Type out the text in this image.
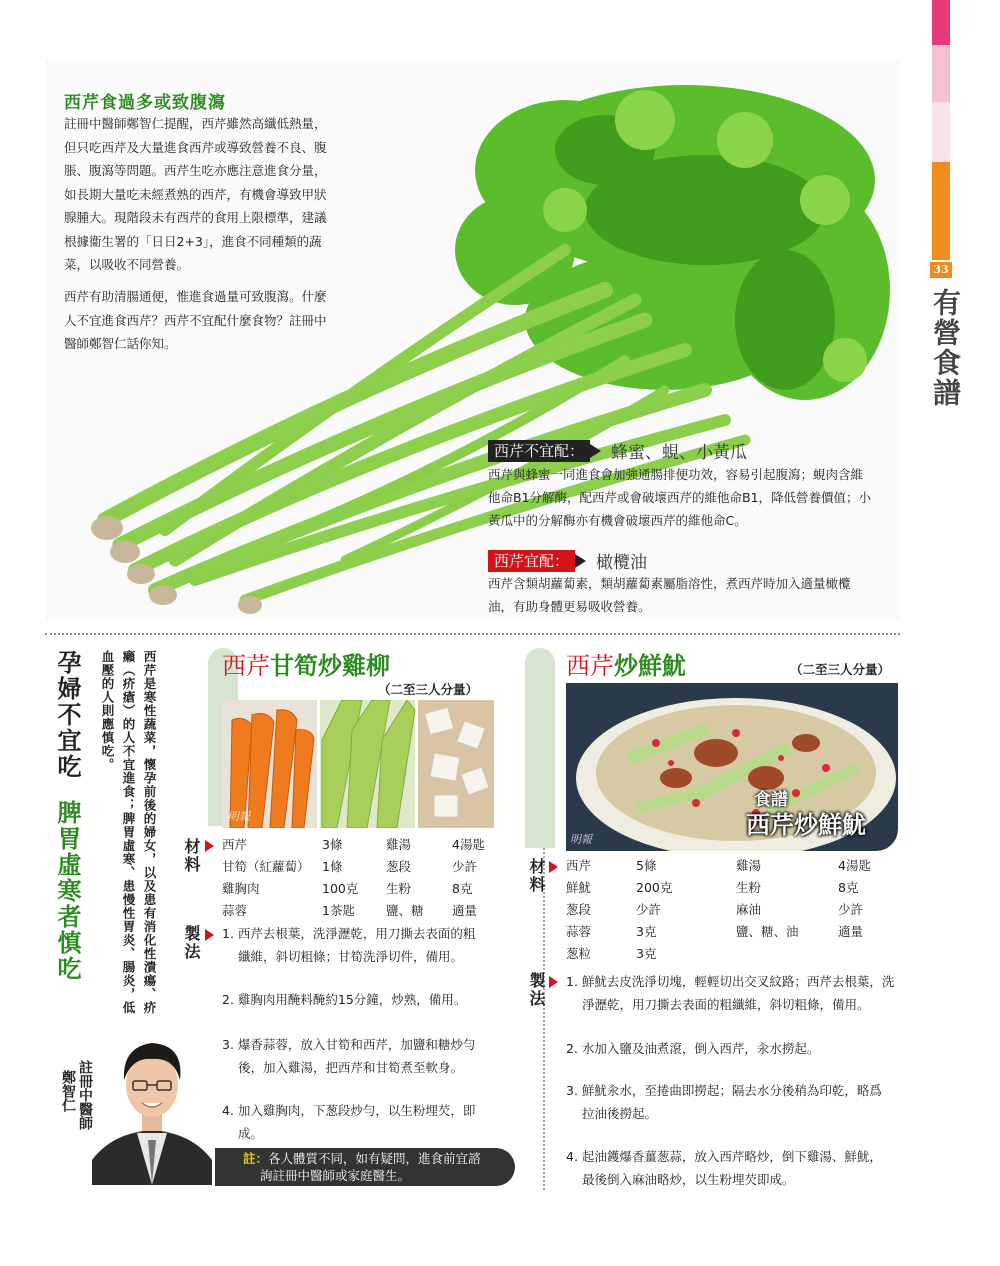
33
有營食譜
西芹食過多或致腹瀉
註冊中醫師鄭智仁提醒，西芹雖然高纖低熱量，
但只吃西芹及大量進食西芹或導致營養不良、腹
脹、腹瀉等問題。西芹生吃亦應注意進食分量，
如長期大量吃未經煮熟的西芹，有機會導致甲狀
腺腫大。現階段未有西芹的食用上限標準，建議
根據衞生署的「日日2+3」，進食不同種類的蔬
菜，以吸收不同營養。
西芹有助清腸通便，惟進食過量可致腹瀉。什麼
人不宜進食西芹？西芹不宜配什麼食物？註冊中
醫師鄭智仁話你知。
西芹不宜配：	蜂蜜、蜆、小黃瓜
西芹與蜂蜜一同進食會加強通腸排便功效，容易引起腹瀉；蜆肉含維
他命B1分解酶，配西芹或會破壞西芹的維他命B1，降低營養價值；小
黃瓜中的分解酶亦有機會破壞西芹的維他命C。
西芹宜配：	橄欖油
西芹含類胡蘿蔔素，類胡蘿蔔素屬脂溶性，煮西芹時加入適量橄欖
油，有助身體更易吸收營養。
孕婦不宜吃
脾胃虛寒者慎吃	西芹是寒性蔬菜，懷孕前後的婦女，以及患有消化性潰瘍、疥癩（疥瘡）的人不宜進食；脾胃虛寒、患慢性胃炎、腸炎，低血壓的人則應慎吃。
註冊中醫師
鄭智仁
西芹甘筍炒雞柳
（二至三人分量）
明報
材料 西芹	3條	雞湯	4湯匙
甘筍（紅蘿蔔）	1條	葱段	少許
雞胸肉	100克	生粉	8克
蒜蓉	1茶匙	鹽、糖	適量
製法 1. 西芹去根葉，洗淨瀝乾，用刀撕去表面的粗
纖維，斜切粗條；甘筍洗淨切件，備用。
2. 雞胸肉用醃料醃約15分鐘，炒熟，備用。
3. 爆香蒜蓉，放入甘筍和西芹，加鹽和糖炒勻
後，加入雞湯，把西芹和甘筍煮至軟身。
4. 加入雞胸肉，下葱段炒勻，以生粉埋芡，即
成。
註：各人體質不同，如有疑問，進食前宜諮
詢註冊中醫師或家庭醫生。
西芹炒鮮魷	（二至三人分量）
食譜
西芹炒鮮魷
明報
材料 西芹	5條	雞湯	4湯匙
鮮魷	200克	生粉	8克
葱段	少許	麻油	少許
蒜蓉	3克	鹽、糖、油	適量
葱粒	3克		
製法 1. 鮮魷去皮洗淨切塊，輕輕切出交叉紋路；西芹去根葉，洗
淨瀝乾，用刀撕去表面的粗纖維，斜切粗條，備用。
2. 水加入鹽及油煮滾，倒入西芹，汆水撈起。
3. 鮮魷汆水，至捲曲即撈起；隔去水分後稍為印乾，略爲
拉油後撈起。
4. 起油鑊爆香薑葱蒜，放入西芹略炒，倒下雞湯、鮮魷，
最後倒入麻油略炒，以生粉埋芡即成。
